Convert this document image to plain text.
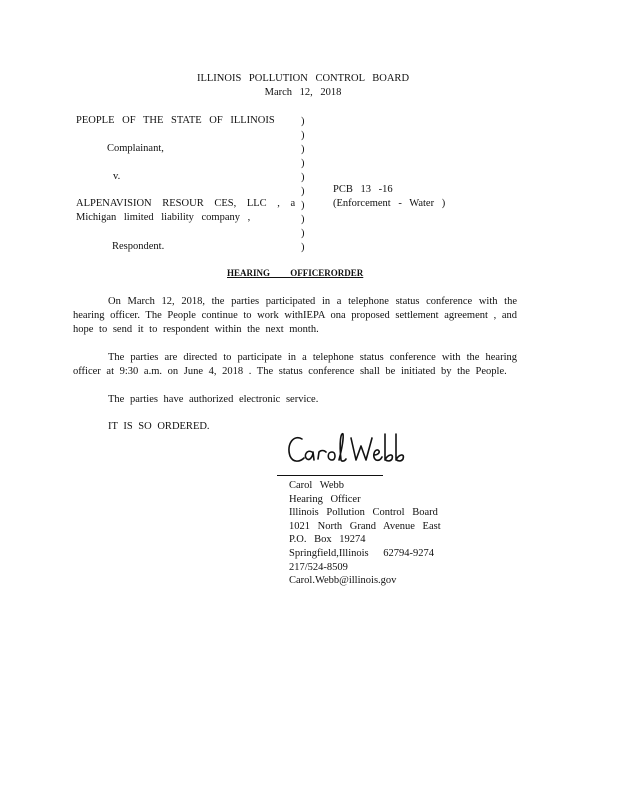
ILLINOIS POLLUTION CONTROL BOARD
March 12, 2018
PEOPLE OF THE STATE OF ILLINOIS
Complainant,
v.
ALPENAVISION RESOUR CES, LLC , a
Michigan limited liability company ,
Respondent.
)
)
)
)
)
)
)
)
)
)
PCB 13 -16
(Enforcement - Water )
HEARING OFFICERORDER
On March 12, 2018, the parties participated in a telephone status conference with the hearing officer. The People continue to work withIEPA ona proposed settlement agreement , and hope to send it to respondent within the next month.
The parties are directed to participate in a telephone status conference with the hearing officer at 9:30 a.m. on June 4, 2018 . The status conference shall be initiated by the People.
The parties have authorized electronic service.
IT IS SO ORDERED.
Carol Webb
Hearing Officer
Illinois Pollution Control Board
1021 North Grand Avenue East
P.O. Box 19274
Springfield,Illinois 62794-9274
217/524-8509
Carol.Webb@illinois.gov
